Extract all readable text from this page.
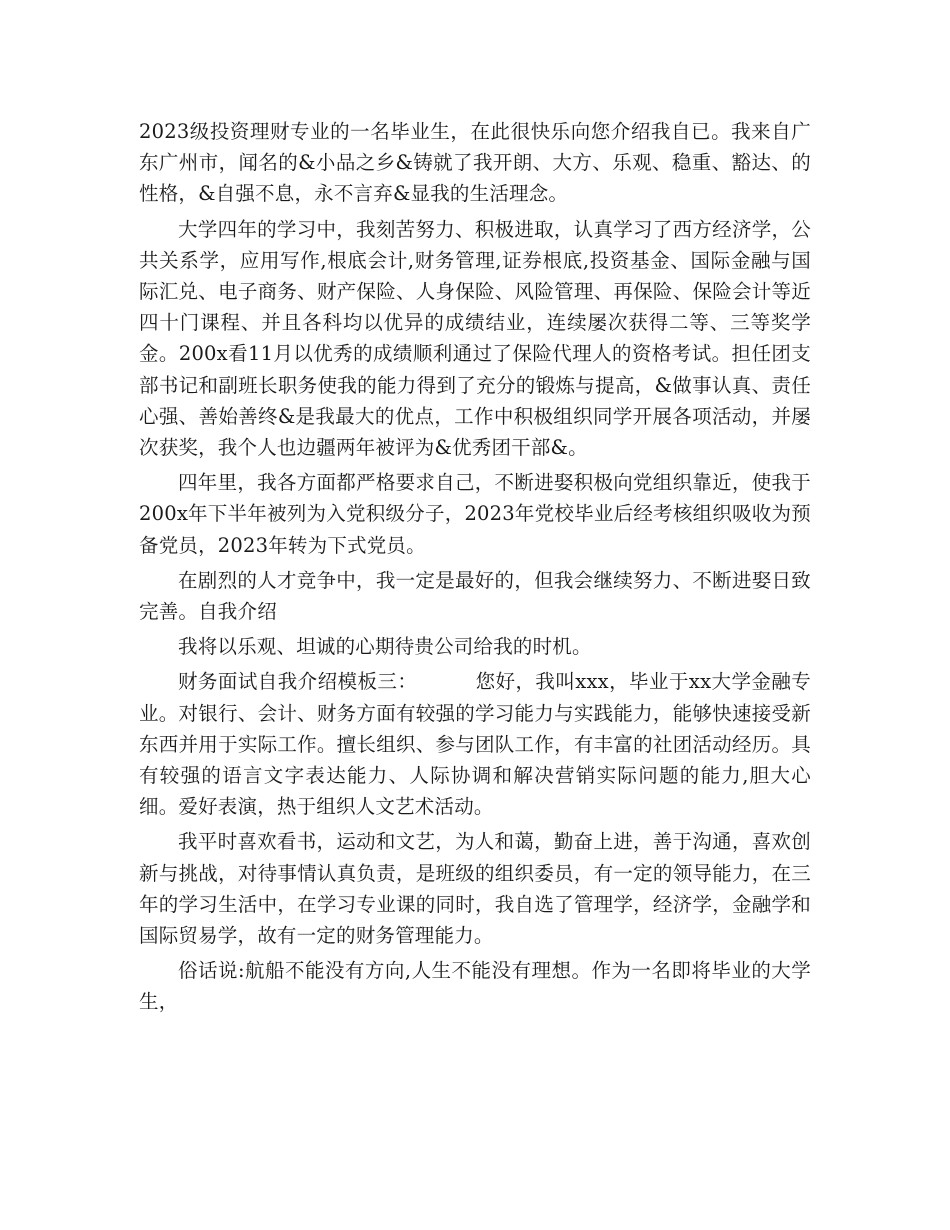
2023级投资理财专业的一名毕业生，在此很快乐向您介绍我自已。我来自广东广州市，闻名的&小品之乡&铸就了我开朗、大方、乐观、稳重、豁达、的性格，&自强不息，永不言弃&显我的生活理念。

大学四年的学习中，我刻苦努力、积极进取，认真学习了西方经济学，公共关系学，应用写作,根底会计,财务管理,证券根底,投资基金、国际金融与国际汇兑、电子商务、财产保险、人身保险、风险管理、再保险、保险会计等近四十门课程、并且各科均以优异的成绩结业，连续屡次获得二等、三等奖学金。200x看11月以优秀的成绩顺利通过了保险代理人的资格考试。担任团支部书记和副班长职务使我的能力得到了充分的锻炼与提高，&做事认真、责任心强、善始善终&是我最大的优点，工作中积极组织同学开展各项活动，并屡次获奖，我个人也边疆两年被评为&优秀团干部&。

四年里，我各方面都严格要求自己，不断进娶积极向党组织靠近，使我于200x年下半年被列为入党积级分子，2023年党校毕业后经考核组织吸收为预备党员，2023年转为下式党员。

在剧烈的人才竞争中，我一定是最好的，但我会继续努力、不断进娶日致完善。自我介绍

我将以乐观、坦诚的心期待贵公司给我的时机。

财务面试自我介绍模板三：	您好，我叫xxx，毕业于xx大学金融专业。对银行、会计、财务方面有较强的学习能力与实践能力，能够快速接受新东西并用于实际工作。擅长组织、参与团队工作，有丰富的社团活动经历。具有较强的语言文字表达能力、人际协调和解决营销实际问题的能力,胆大心细。爱好表演，热于组织人文艺术活动。

我平时喜欢看书，运动和文艺，为人和蔼，勤奋上进，善于沟通，喜欢创新与挑战，对待事情认真负责，是班级的组织委员，有一定的领导能力，在三年的学习生活中，在学习专业课的同时，我自选了管理学，经济学，金融学和国际贸易学，故有一定的财务管理能力。

俗话说:航船不能没有方向,人生不能没有理想。作为一名即将毕业的大学生，
